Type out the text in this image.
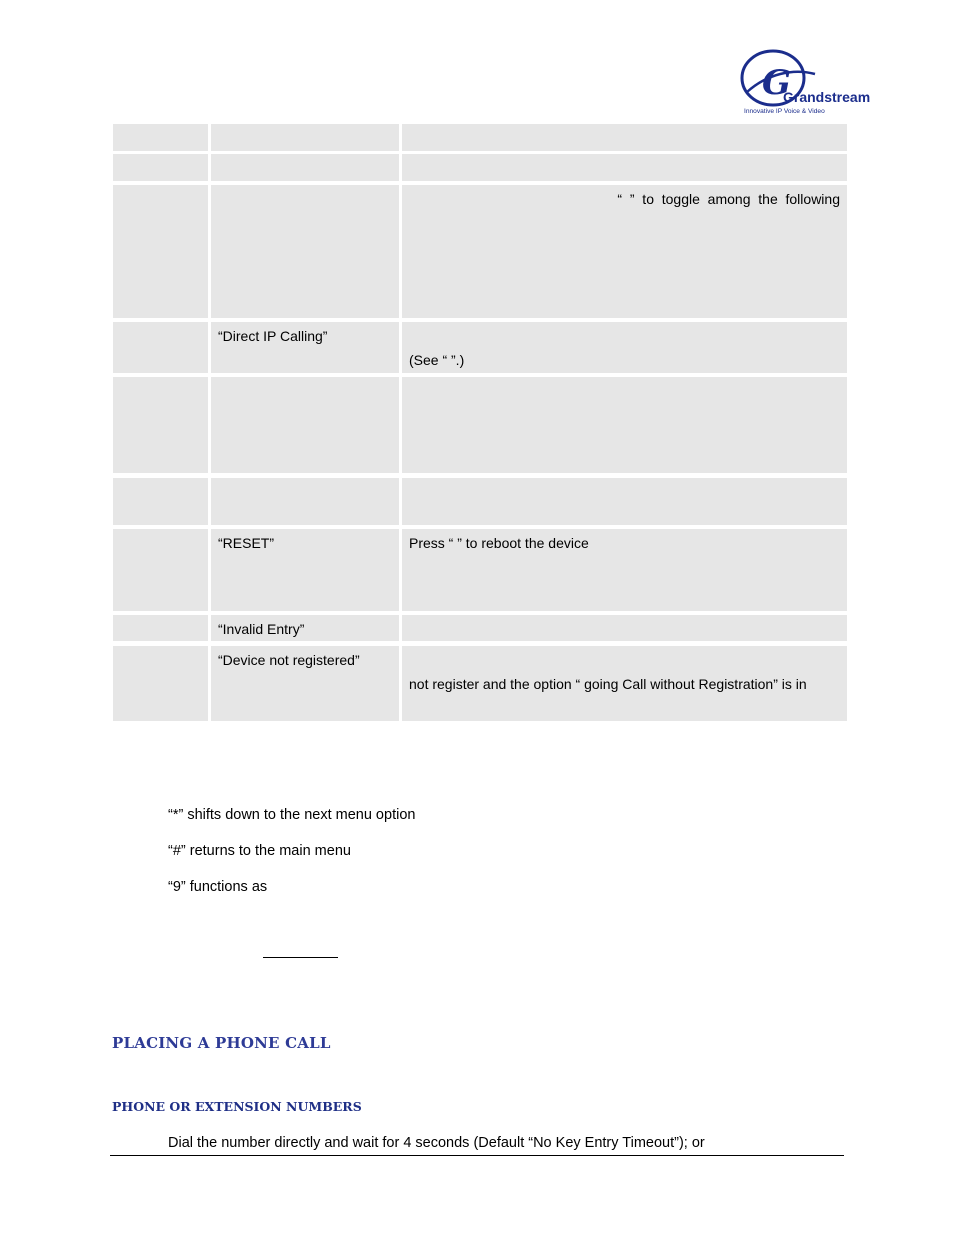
G
Grandstream
Innovative IP Voice & Video
“  ”  to  toggle  among  the  following
“Direct IP Calling”
(See “ ”.)
“RESET”	Press “ ” to reboot the device
“Invalid Entry”
“Device not registered”
not register and the option “ going Call without Registration” is in
“*” shifts down to the next menu option
“#” returns to the main menu
“9” functions as
PLACING A PHONE CALL
PHONE OR EXTENSION NUMBERS
Dial the number directly and wait for 4 seconds (Default “No Key Entry Timeout”); or
